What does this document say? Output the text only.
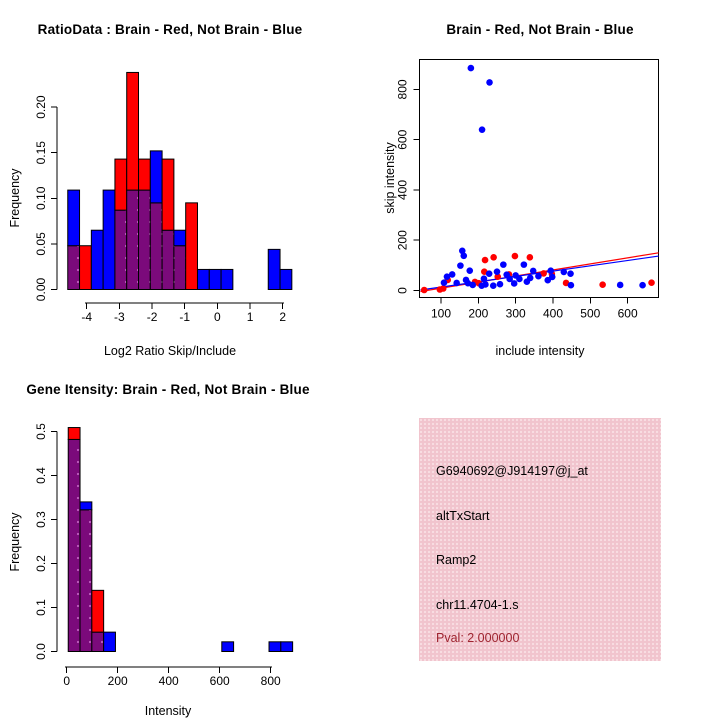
0.00
0.05
0.10
0.15
0.20
-4 -3 -2 -1 0 1 2
RatioData : Brain - Red, Not Brain - Blue
Log2 Ratio Skip/Include
Frequency
100 200 300 400 500 600
0
200
400
600
800
Brain - Red, Not Brain - Blue
include intensity
skip intensity
0.0
0.1
0.2
0.3
0.4
0.5
0	200	400	600	800
Gene Itensity: Brain - Red, Not Brain - Blue
Intensity
Frequency
G6940692@J914197@j_at
altTxStart
Ramp2
chr11.4704-1.s
Pval: 2.000000
